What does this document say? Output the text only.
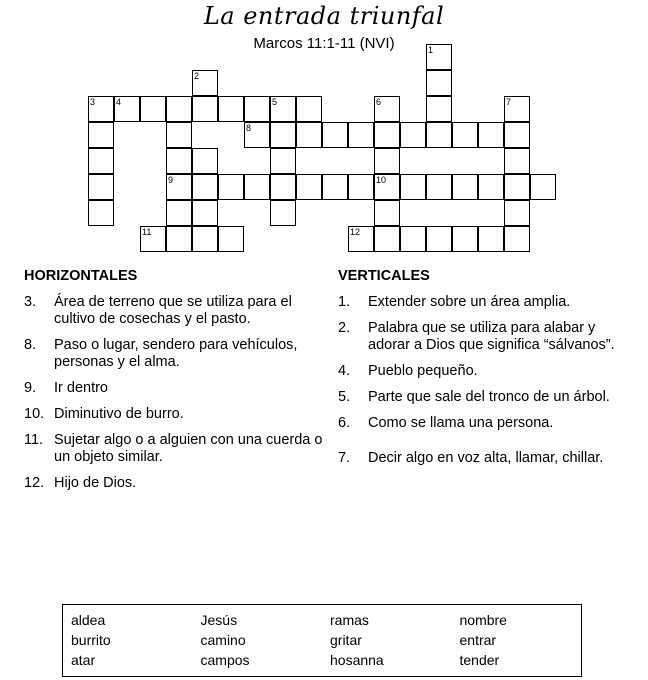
La entrada triunfal
Marcos 11:1-11 (NVI)	1
2
3 4	5	6	7
8
9	10
11	12
HORIZONTALES
3.	Área de terreno que se utiliza para el cultivo de cosechas y el pasto.
8.	Paso o lugar, sendero para vehículos, personas y el alma.
9.	Ir dentro
10. Diminutivo de burro.
11. Sujetar algo o a alguien con una cuerda o un objeto similar.
12. Hijo de Dios.
VERTICALES
1.	Extender sobre un área amplia.
2.	Palabra que se utiliza para alabar y adorar a Dios que significa “sálvanos”.
4.	Pueblo pequeño.
5.	Parte que sale del tronco de un árbol.
6.	Como se llama una persona.
7.	Decir algo en voz alta, llamar, chillar.
aldea	Jesús	ramas	nombre
burrito	camino	gritar	entrar
atar	campos	hosanna	tender
